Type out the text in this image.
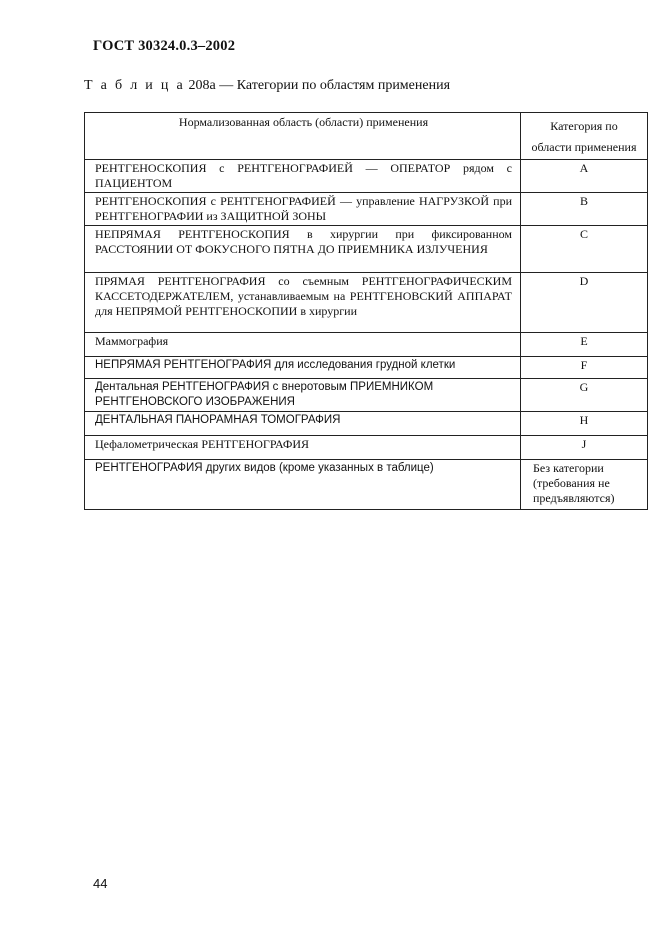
ГОСТ 30324.0.3–2002
Т а б л и ц а 208а — Категории по областям применения
Нормализованная область (области) применения	Категория по
области применения
РЕНТГЕНОСКОПИЯ с РЕНТГЕНОГРАФИЕЙ — ОПЕРАТОР рядом с ПАЦИЕНТОМ	A
РЕНТГЕНОСКОПИЯ с РЕНТГЕНОГРАФИЕЙ — управление НАГРУЗКОЙ при РЕНТГЕНОГРАФИИ из ЗАЩИТНОЙ ЗОНЫ	B
НЕПРЯМАЯ РЕНТГЕНОСКОПИЯ в хирургии при фиксированном РАССТОЯНИИ ОТ ФОКУСНОГО ПЯТНА ДО ПРИЕМНИКА ИЗЛУЧЕНИЯ	C
ПРЯМАЯ РЕНТГЕНОГРАФИЯ со съемным РЕНТГЕНОГРАФИЧЕСКИМ КАССЕТОДЕРЖАТЕЛЕМ, устанавливаемым на РЕНТГЕНОВСКИЙ АППАРАТ для НЕПРЯМОЙ РЕНТГЕНОСКОПИИ в хирургии	D
Маммография	E
НЕПРЯМАЯ РЕНТГЕНОГРАФИЯ для исследования грудной клетки	F
Дентальная РЕНТГЕНОГРАФИЯ с внеротовым ПРИЕМНИКОМ РЕНТГЕНОВСКОГО ИЗОБРАЖЕНИЯ	G
ДЕНТАЛЬНАЯ ПАНОРАМНАЯ ТОМОГРАФИЯ	H
Цефалометрическая РЕНТГЕНОГРАФИЯ	J
РЕНТГЕНОГРАФИЯ других видов (кроме указанных в таблице)	Без категории (требования не предъявляются)
44
